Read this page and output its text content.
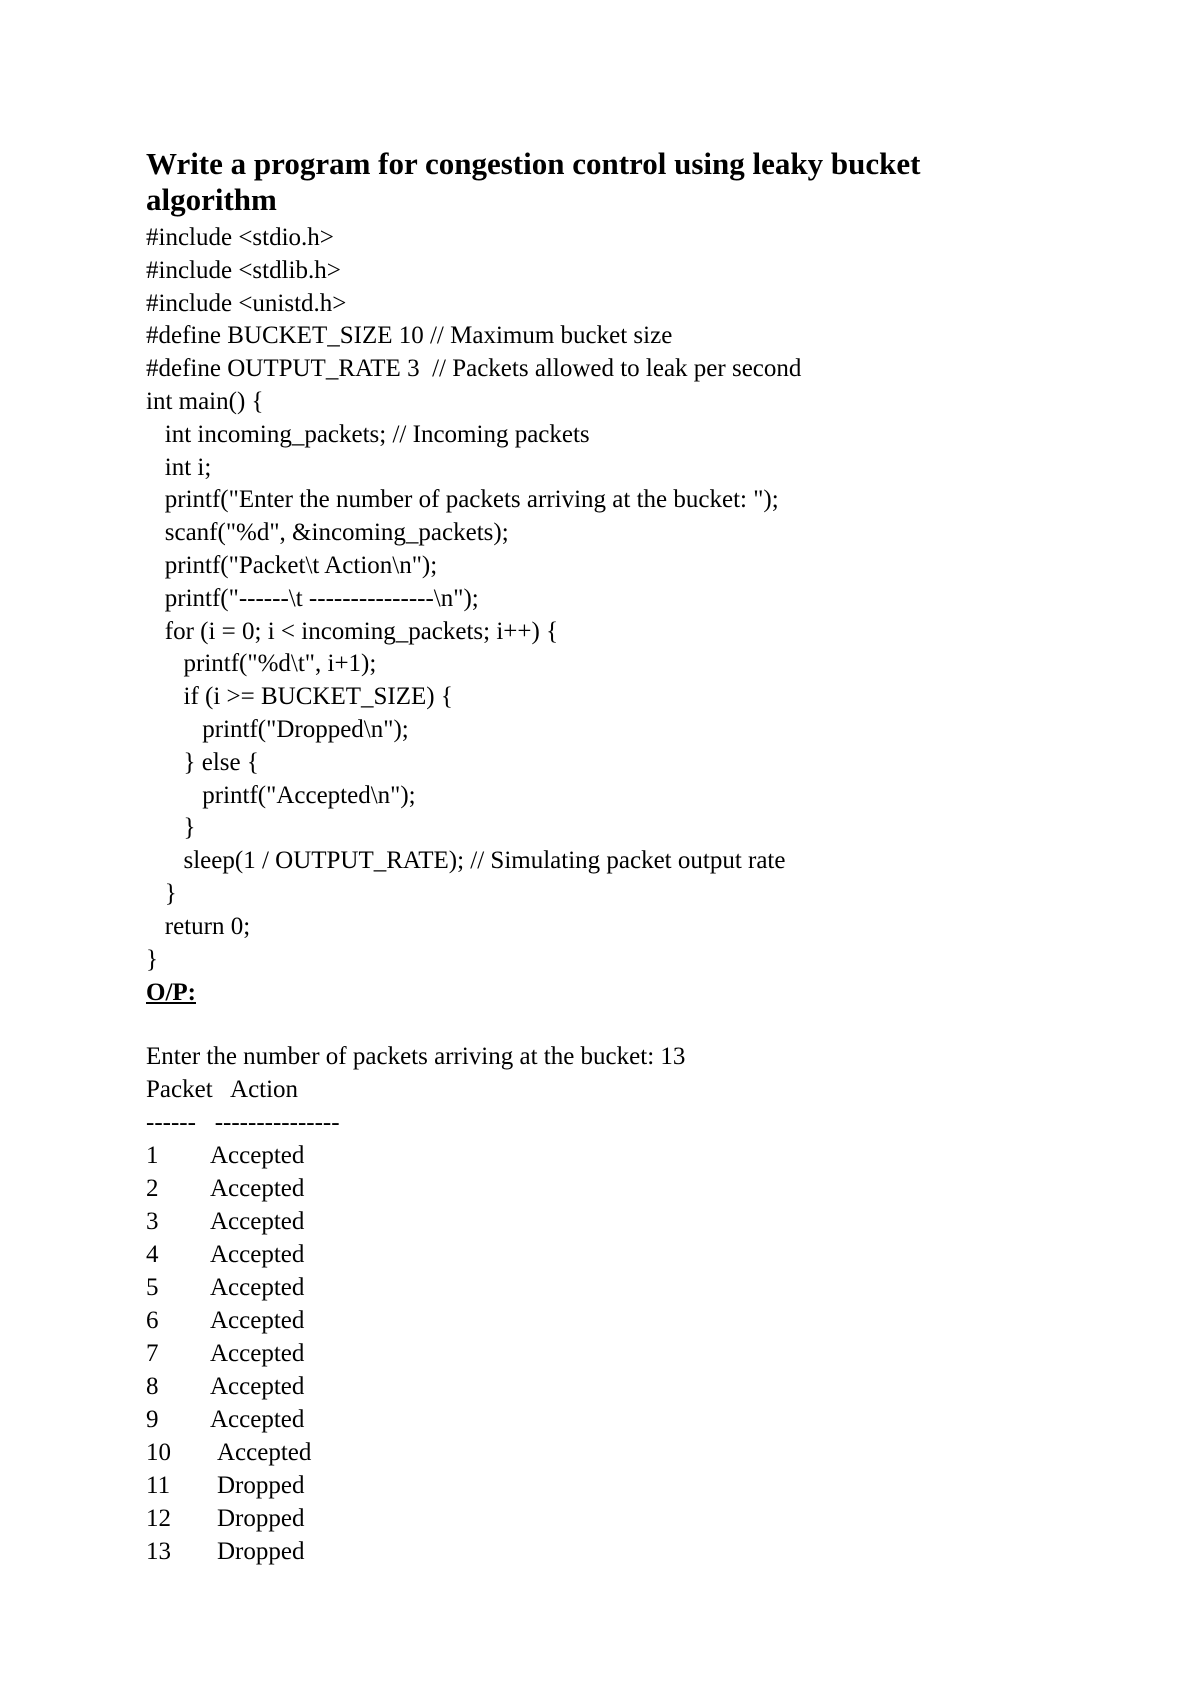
Write a program for congestion control using leaky bucket algorithm
#include <stdio.h>
#include <stdlib.h>
#include <unistd.h>
#define BUCKET_SIZE 10 // Maximum bucket size
#define OUTPUT_RATE 3  // Packets allowed to leak per second
int main() {
int incoming_packets; // Incoming packets
int i;
printf("Enter the number of packets arriving at the bucket: ");
scanf("%d", &incoming_packets);
printf("Packet\t Action\n");
printf("------\t ---------------\n");
for (i = 0; i < incoming_packets; i++) {
printf("%d\t", i+1);
if (i >= BUCKET_SIZE) {
printf("Dropped\n");
} else {
printf("Accepted\n");
}
sleep(1 / OUTPUT_RATE); // Simulating packet output rate
}
return 0;
}

O/P:

Enter the number of packets arriving at the bucket: 13
Packet   Action
------   ---------------

1 Accepted

2 Accepted

3 Accepted

4 Accepted

5 Accepted

6 Accepted

7 Accepted

8 Accepted

9 Accepted

10 Accepted

11 Dropped

12 Dropped

13 Dropped
